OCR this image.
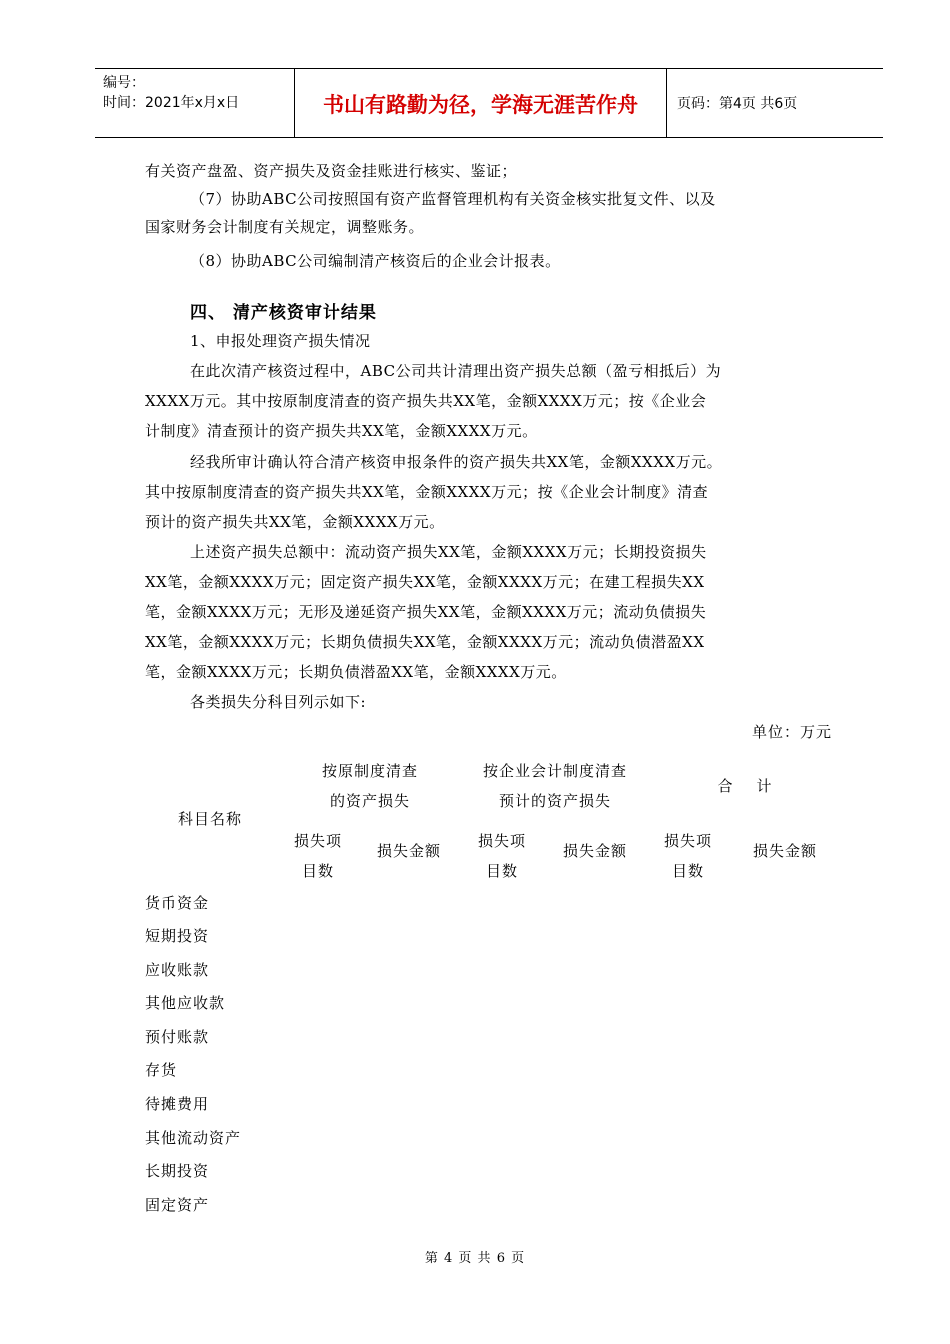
编号：
时间：2021年x月x日	书山有路勤为径，学海无涯苦作舟	页码：第4页 共6页
有关资产盘盈、资产损失及资金挂账进行核实、鉴证；
（7）协助ABC公司按照国有资产监督管理机构有关资金核实批复文件、以及
国家财务会计制度有关规定，调整账务。
（8）协助ABC公司编制清产核资后的企业会计报表。
四、 清产核资审计结果
1、申报处理资产损失情况
在此次清产核资过程中，ABC公司共计清理出资产损失总额（盈亏相抵后）为
XXXX万元。其中按原制度清查的资产损失共XX笔，金额XXXX万元；按《企业会
计制度》清查预计的资产损失共XX笔，金额XXXX万元。
经我所审计确认符合清产核资申报条件的资产损失共XX笔，金额XXXX万元。
其中按原制度清查的资产损失共XX笔，金额XXXX万元；按《企业会计制度》清查
预计的资产损失共XX笔，金额XXXX万元。
上述资产损失总额中：流动资产损失XX笔，金额XXXX万元；长期投资损失
XX笔，金额XXXX万元；固定资产损失XX笔，金额XXXX万元；在建工程损失XX
笔，金额XXXX万元；无形及递延资产损失XX笔，金额XXXX万元；流动负债损失
XX笔，金额XXXX万元；长期负债损失XX笔，金额XXXX万元；流动负债潜盈XX
笔，金额XXXX万元；长期负债潜盈XX笔，金额XXXX万元。
各类损失分科目列示如下:
单位：万元
科目名称
按原制度清查
的资产损失
按企业会计制度清查
预计的资产损失
合    计
损失项
目数
损失金额
损失项
目数
损失金额
损失项
目数
损失金额
货币资金
短期投资
应收账款
其他应收款
预付账款
存货
待摊费用
其他流动资产
长期投资
固定资产
第 4 页 共 6 页
